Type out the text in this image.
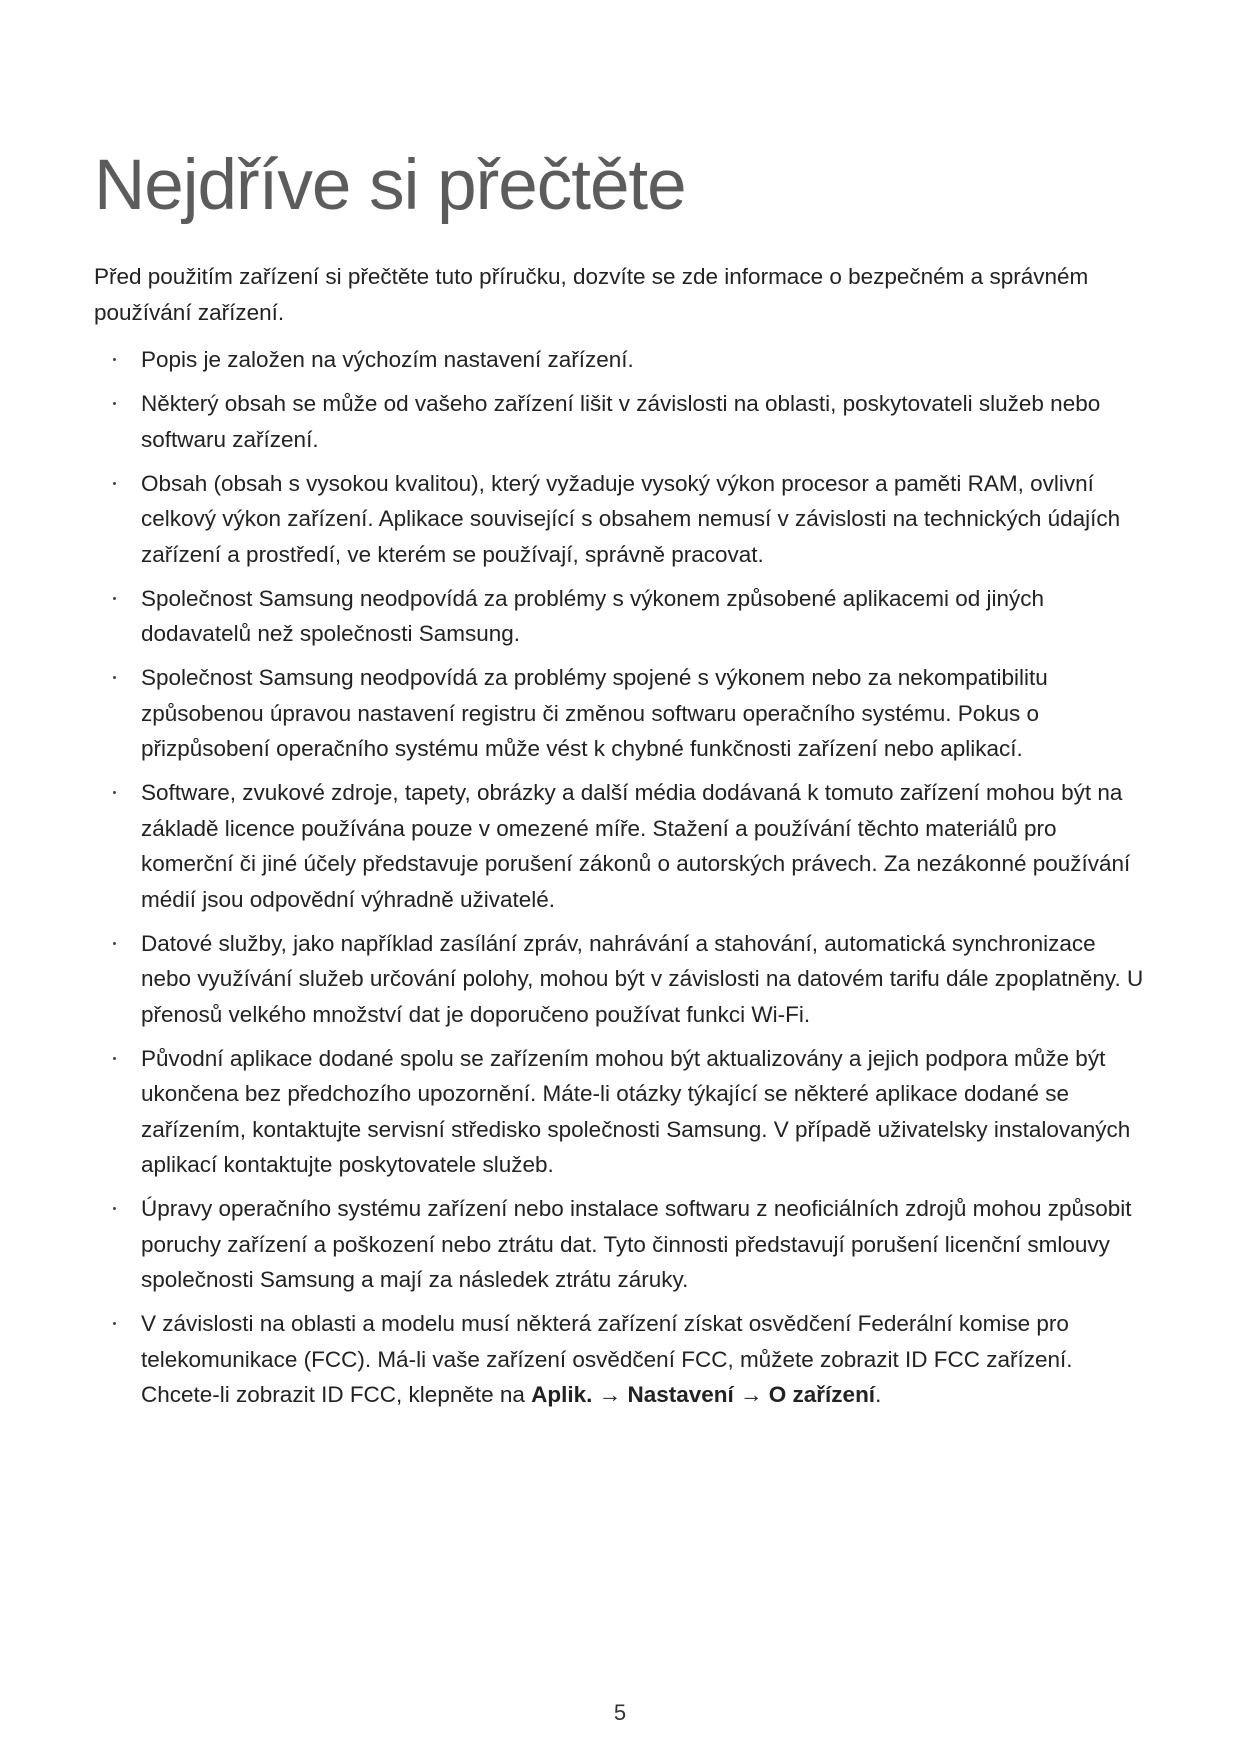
Nejdříve si přečtěte

Před použitím zařízení si přečtěte tuto příručku, dozvíte se zde informace o bezpečném a správném používání zařízení.

Popis je založen na výchozím nastavení zařízení.
Některý obsah se může od vašeho zařízení lišit v závislosti na oblasti, poskytovateli služeb nebo softwaru zařízení.
Obsah (obsah s vysokou kvalitou), který vyžaduje vysoký výkon procesor a paměti RAM, ovlivní celkový výkon zařízení. Aplikace související s obsahem nemusí v závislosti na technických údajích zařízení a prostředí, ve kterém se používají, správně pracovat.
Společnost Samsung neodpovídá za problémy s výkonem způsobené aplikacemi od jiných dodavatelů než společnosti Samsung.
Společnost Samsung neodpovídá za problémy spojené s výkonem nebo za nekompatibilitu způsobenou úpravou nastavení registru či změnou softwaru operačního systému. Pokus o přizpůsobení operačního systému může vést k chybné funkčnosti zařízení nebo aplikací.
Software, zvukové zdroje, tapety, obrázky a další média dodávaná k tomuto zařízení mohou být na základě licence používána pouze v omezené míře. Stažení a používání těchto materiálů pro komerční či jiné účely představuje porušení zákonů o autorských právech. Za nezákonné používání médií jsou odpovědní výhradně uživatelé.
Datové služby, jako například zasílání zpráv, nahrávání a stahování, automatická synchronizace nebo využívání služeb určování polohy, mohou být v závislosti na datovém tarifu dále zpoplatněny. U přenosů velkého množství dat je doporučeno používat funkci Wi-Fi.
Původní aplikace dodané spolu se zařízením mohou být aktualizovány a jejich podpora může být ukončena bez předchozího upozornění. Máte-li otázky týkající se některé aplikace dodané se zařízením, kontaktujte servisní středisko společnosti Samsung. V případě uživatelsky instalovaných aplikací kontaktujte poskytovatele služeb.
Úpravy operačního systému zařízení nebo instalace softwaru z neoficiálních zdrojů mohou způsobit poruchy zařízení a poškození nebo ztrátu dat. Tyto činnosti představují porušení licenční smlouvy společnosti Samsung a mají za následek ztrátu záruky.
V závislosti na oblasti a modelu musí některá zařízení získat osvědčení Federální komise pro telekomunikace (FCC). Má-li vaše zařízení osvědčení FCC, můžete zobrazit ID FCC zařízení. Chcete-li zobrazit ID FCC, klepněte na Aplik. → Nastavení → O zařízení.
5
